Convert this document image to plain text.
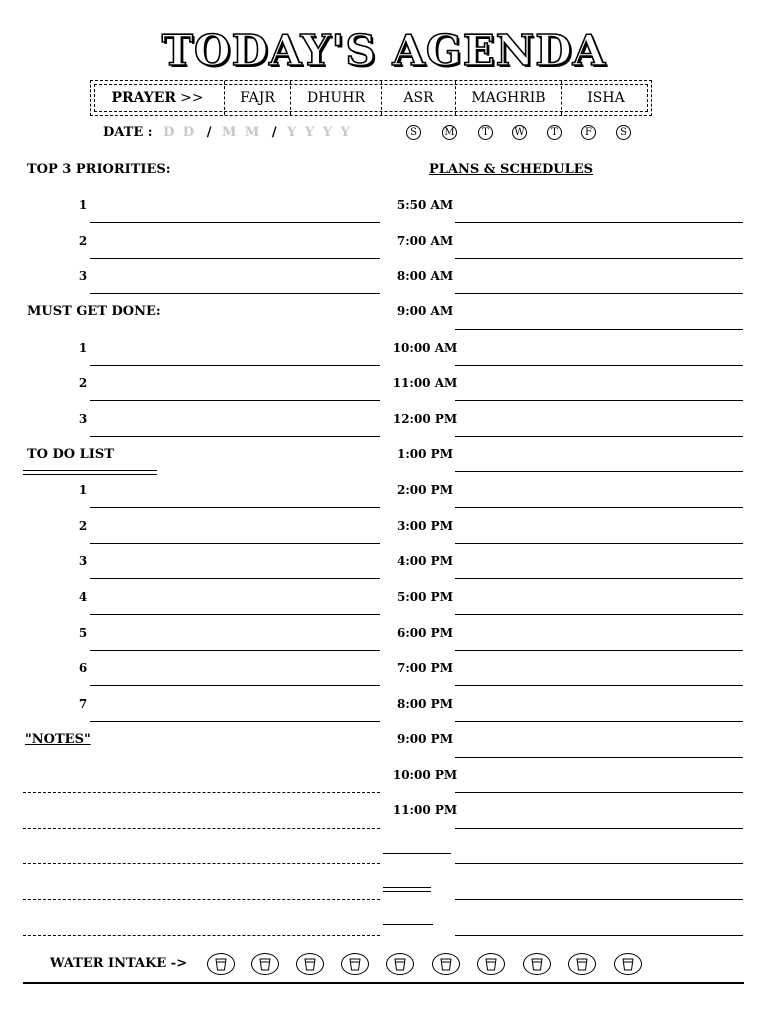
TODAY'S AGENDA
PRAYER >>	FAJR	DHUHR	ASR	MAGHRIB	ISHA
DATE : D D / M M / Y Y Y Y	S	M	T	W	T	F	S
TOP 3 PRIORITIES:
1
2
3
MUST GET DONE:
1
2
3
TO DO LIST
1
2
3
4
5
6
7
"NOTES"
PLANS & SCHEDULES
5:50 AM
7:00 AM
8:00 AM
9:00 AM
10:00 AM
11:00 AM
12:00 PM
1:00 PM
2:00 PM
3:00 PM
4:00 PM
5:00 PM
6:00 PM
7:00 PM
8:00 PM
9:00 PM
10:00 PM
11:00 PM
WATER INTAKE ->
